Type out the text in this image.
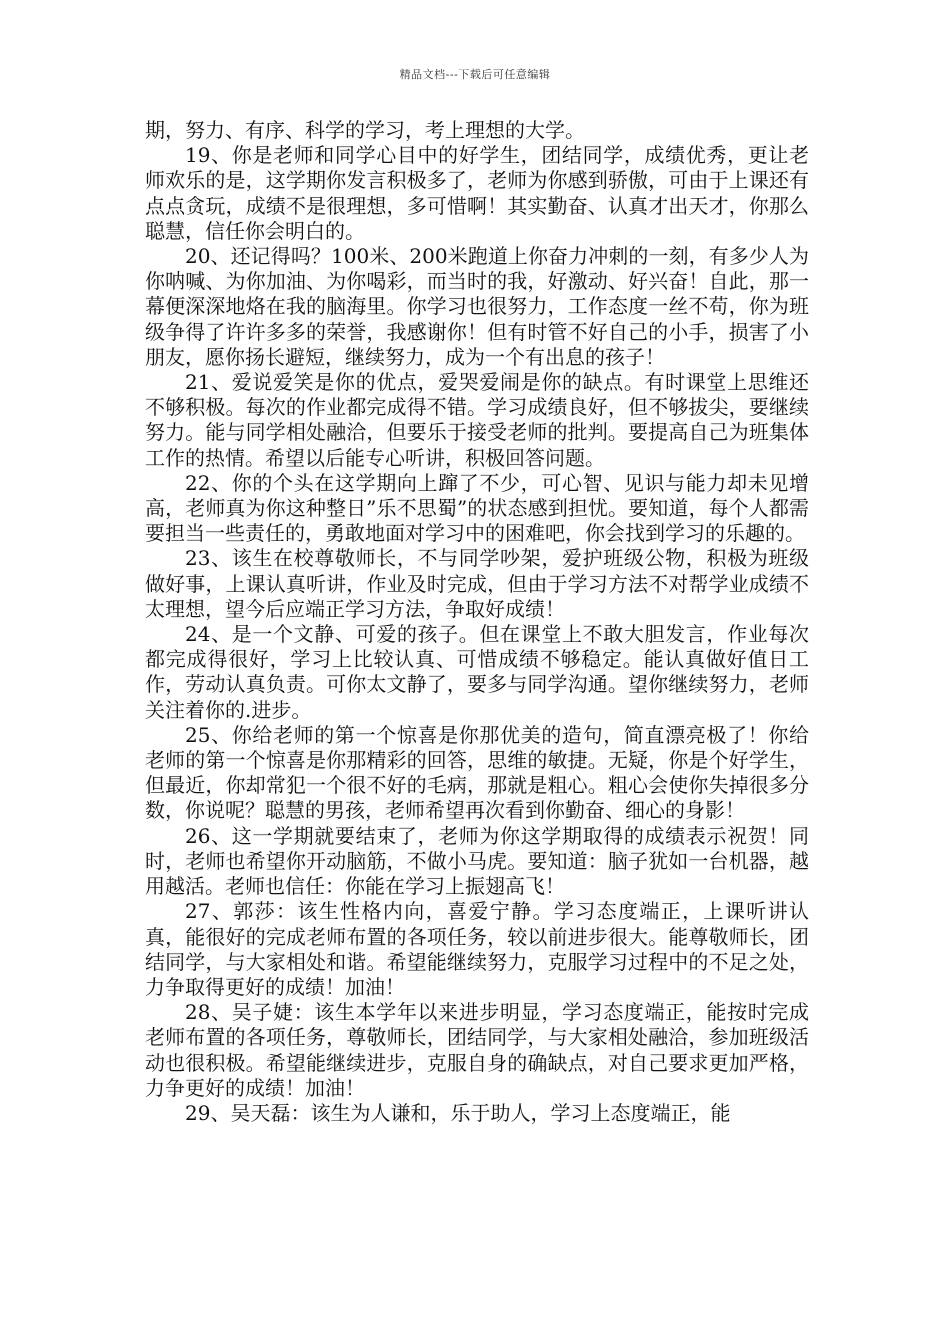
精品文档---下载后可任意编辑

期，努力、有序、科学的学习，考上理想的大学。

19、你是老师和同学心目中的好学生，团结同学，成绩优秀，更让老师欢乐的是，这学期你发言积极多了，老师为你感到骄傲，可由于上课还有点点贪玩，成绩不是很理想，多可惜啊！其实勤奋、认真才出天才，你那么聪慧，信任你会明白的。

20、还记得吗？100米、200米跑道上你奋力冲刺的一刻，有多少人为你呐喊、为你加油、为你喝彩，而当时的我，好激动、好兴奋！自此，那一幕便深深地烙在我的脑海里。你学习也很努力，工作态度一丝不苟，你为班级争得了许许多多的荣誉，我感谢你！但有时管不好自己的小手，损害了小朋友，愿你扬长避短，继续努力，成为一个有出息的孩子！

21、爱说爱笑是你的优点，爱哭爱闹是你的缺点。有时课堂上思维还不够积极。每次的作业都完成得不错。学习成绩良好，但不够拔尖，要继续努力。能与同学相处融洽，但要乐于接受老师的批判。要提高自己为班集体工作的热情。希望以后能专心听讲，积极回答问题。

22、你的个头在这学期向上蹿了不少，可心智、见识与能力却未见增高，老师真为你这种整日”乐不思蜀”的状态感到担忧。要知道，每个人都需要担当一些责任的，勇敢地面对学习中的困难吧，你会找到学习的乐趣的。

23、该生在校尊敬师长，不与同学吵架，爱护班级公物，积极为班级做好事，上课认真听讲，作业及时完成，但由于学习方法不对帮学业成绩不太理想，望今后应端正学习方法，争取好成绩！

24、是一个文静、可爱的孩子。但在课堂上不敢大胆发言，作业每次都完成得很好，学习上比较认真、可惜成绩不够稳定。能认真做好值日工作，劳动认真负责。可你太文静了，要多与同学沟通。望你继续努力，老师关注着你的.进步。

25、你给老师的第一个惊喜是你那优美的造句，简直漂亮极了！你给老师的第一个惊喜是你那精彩的回答，思维的敏捷。无疑，你是个好学生，但最近，你却常犯一个很不好的毛病，那就是粗心。粗心会使你失掉很多分数，你说呢？聪慧的男孩，老师希望再次看到你勤奋、细心的身影！

26、这一学期就要结束了，老师为你这学期取得的成绩表示祝贺！同时，老师也希望你开动脑筋，不做小马虎。要知道：脑子犹如一台机器，越用越活。老师也信任：你能在学习上振翅高飞！

27、郭莎：该生性格内向，喜爱宁静。学习态度端正，上课听讲认真，能很好的完成老师布置的各项任务，较以前进步很大。能尊敬师长，团结同学，与大家相处和谐。希望能继续努力，克服学习过程中的不足之处，力争取得更好的成绩！加油！

28、吴子婕：该生本学年以来进步明显，学习态度端正，能按时完成老师布置的各项任务，尊敬师长，团结同学，与大家相处融洽，参加班级活动也很积极。希望能继续进步，克服自身的确缺点，对自己要求更加严格，力争更好的成绩！加油！

29、吴天磊：该生为人谦和，乐于助人，学习上态度端正，能
